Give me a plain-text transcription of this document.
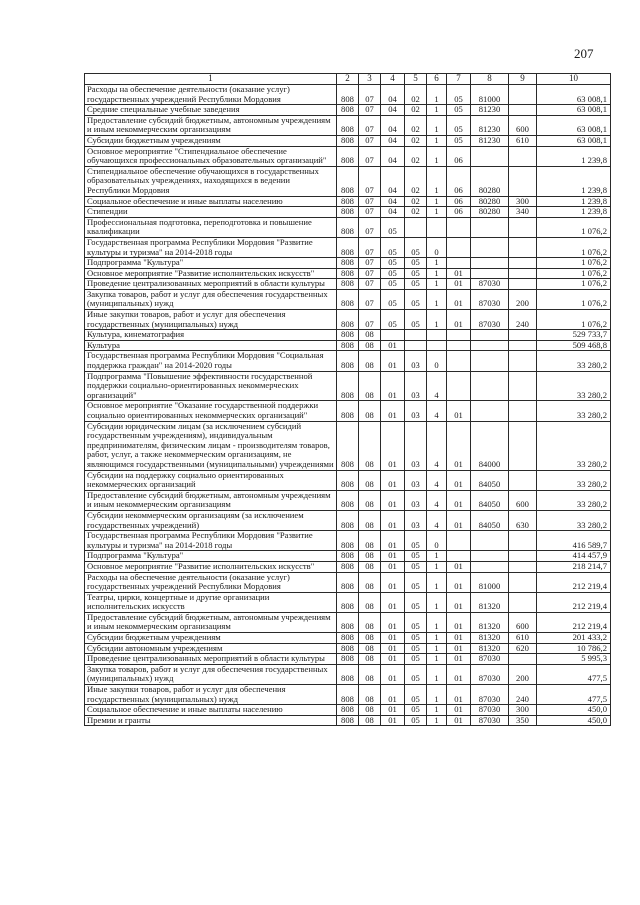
207
1	2	3	4	5	6	7	8	9	10
Расходы на обеспечение деятельности (оказание услуг) государственных учреждений Республики Мордовия	808	07	04	02	1	05	81000		63 008,1
Средние специальные учебные заведения	808	07	04	02	1	05	81230		63 008,1
Предоставление субсидий бюджетным, автономным учреждениям и иным некоммерческим организациям	808	07	04	02	1	05	81230	600	63 008,1
Субсидии бюджетным учреждениям	808	07	04	02	1	05	81230	610	63 008,1
Основное мероприятие "Стипендиальное обеспечение обучающихся профессиональных образовательных организаций"	808	07	04	02	1	06			1 239,8
Стипендиальное обеспечение обучающихся в государственных образовательных учреждениях, находящихся в ведении Республики Мордовия	808	07	04	02	1	06	80280		1 239,8
Социальное обеспечение и иные выплаты населению	808	07	04	02	1	06	80280	300	1 239,8
Стипендии	808	07	04	02	1	06	80280	340	1 239,8
Профессиональная подготовка, переподготовка и повышение квалификации	808	07	05						1 076,2
Государственная программа Республики Мордовия "Развитие культуры и туризма" на 2014-2018 годы	808	07	05	05	0				1 076,2
Подпрограмма "Культура"	808	07	05	05	1				1 076,2
Основное мероприятие "Развитие исполнительских искусств"	808	07	05	05	1	01			1 076,2
Проведение централизованных мероприятий в области культуры	808	07	05	05	1	01	87030		1 076,2
Закупка товаров, работ и услуг для обеспечения государственных (муниципальных) нужд	808	07	05	05	1	01	87030	200	1 076,2
Иные закупки товаров, работ и услуг для обеспечения государственных (муниципальных) нужд	808	07	05	05	1	01	87030	240	1 076,2
Культура, кинематография	808	08							529 733,7
Культура	808	08	01						509 468,8
Государственная программа Республики Мордовия "Социальная поддержка граждан" на 2014-2020 годы	808	08	01	03	0				33 280,2
Подпрограмма "Повышение эффективности государственной поддержки социально-ориентированных некоммерческих организаций"	808	08	01	03	4				33 280,2
Основное мероприятие "Оказание государственной поддержки социально ориентированных некоммерческих организаций"	808	08	01	03	4	01			33 280,2
Субсидии юридическим лицам (за исключением субсидий государственным учреждениям), индивидуальным предпринимателям, физическим лицам - производителям товаров, работ, услуг, а также некоммерческим организациям, не являющимся государственными (муниципальными) учреждениями	808	08	01	03	4	01	84000		33 280,2
Субсидии на поддержку социально ориентированных некоммерческих организаций	808	08	01	03	4	01	84050		33 280,2
Предоставление субсидий бюджетным, автономным учреждениям и иным некоммерческим организациям	808	08	01	03	4	01	84050	600	33 280,2
Субсидии некоммерческим организациям (за исключением государственных учреждений)	808	08	01	03	4	01	84050	630	33 280,2
Государственная программа Республики Мордовия "Развитие культуры и туризма" на 2014-2018 годы	808	08	01	05	0				416 589,7
Подпрограмма "Культура"	808	08	01	05	1				414 457,9
Основное мероприятие "Развитие исполнительских искусств"	808	08	01	05	1	01			218 214,7
Расходы на обеспечение деятельности (оказание услуг) государственных учреждений Республики Мордовия	808	08	01	05	1	01	81000		212 219,4
Театры, цирки, концертные и другие организации исполнительских искусств	808	08	01	05	1	01	81320		212 219,4
Предоставление субсидий бюджетным, автономным учреждениям и иным некоммерческим организациям	808	08	01	05	1	01	81320	600	212 219,4
Субсидии бюджетным учреждениям	808	08	01	05	1	01	81320	610	201 433,2
Субсидии автономным учреждениям	808	08	01	05	1	01	81320	620	10 786,2
Проведение централизованных мероприятий в области культуры	808	08	01	05	1	01	87030		5 995,3
Закупка товаров, работ и услуг для обеспечения государственных (муниципальных) нужд	808	08	01	05	1	01	87030	200	477,5
Иные закупки товаров, работ и услуг для обеспечения государственных (муниципальных) нужд	808	08	01	05	1	01	87030	240	477,5
Социальное обеспечение и иные выплаты населению	808	08	01	05	1	01	87030	300	450,0
Премии и гранты	808	08	01	05	1	01	87030	350	450,0
